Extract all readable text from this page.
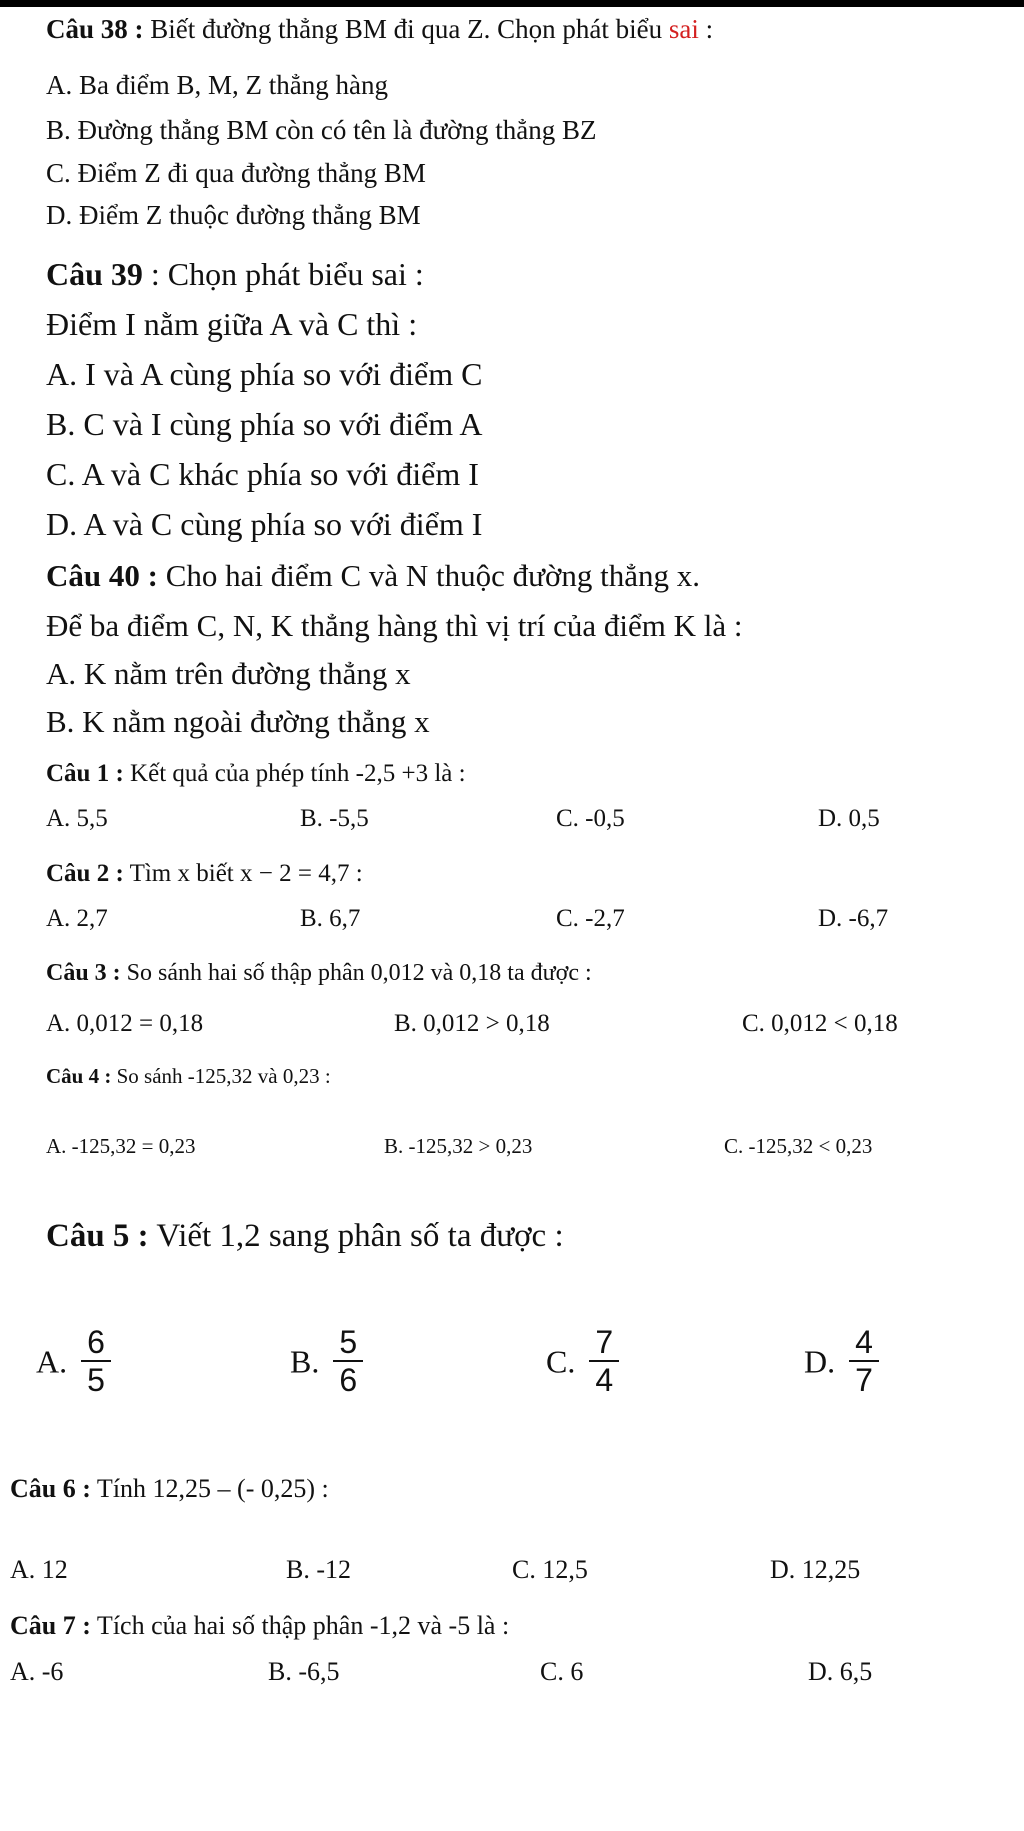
Câu 38 : Biết đường thẳng BM đi qua Z. Chọn phát biểu sai :
A. Ba điểm B, M, Z thẳng hàng
B. Đường thẳng BM còn có tên là đường thẳng BZ
C. Điểm Z đi qua đường thẳng BM
D. Điểm Z thuộc đường thẳng BM
Câu 39 : Chọn phát biểu sai :
Điểm I nằm giữa A và C thì :
A. I và A cùng phía so với điểm C
B. C và I cùng phía so với điểm A
C. A và C khác phía so với điểm I
D. A và C cùng phía so với điểm I
Câu 40 : Cho hai điểm C và N thuộc đường thẳng x.
Để ba điểm C, N, K thẳng hàng thì vị trí của điểm K là :
A. K nằm trên đường thẳng x
B. K nằm ngoài đường thẳng x
Câu 1 : Kết quả của phép tính -2,5 +3 là :
A. 5,5	B. -5,5	C. -0,5	D. 0,5
Câu 2 : Tìm x biết x − 2 = 4,7 :
A. 2,7	B. 6,7	C. -2,7	D. -6,7
Câu 3 : So sánh hai số thập phân 0,012 và 0,18 ta được :
A. 0,012 = 0,18	B. 0,012 > 0,18	C. 0,012 < 0,18
Câu 4 : So sánh -125,32 và 0,23 :
A. -125,32 = 0,23	B. -125,32 > 0,23	C. -125,32 < 0,23
Câu 5 : Viết 1,2 sang phân số ta được :
A. $\frac{6}{5}$	B. $\frac{5}{6}$	C. $\frac{7}{4}$	D. $\frac{4}{7}$
Câu 6 : Tính 12,25 – (- 0,25) :
A. 12	B. -12	C. 12,5	D. 12,25
Câu 7 : Tích của hai số thập phân -1,2 và -5 là :
A. -6	B. -6,5	C. 6	D. 6,5
